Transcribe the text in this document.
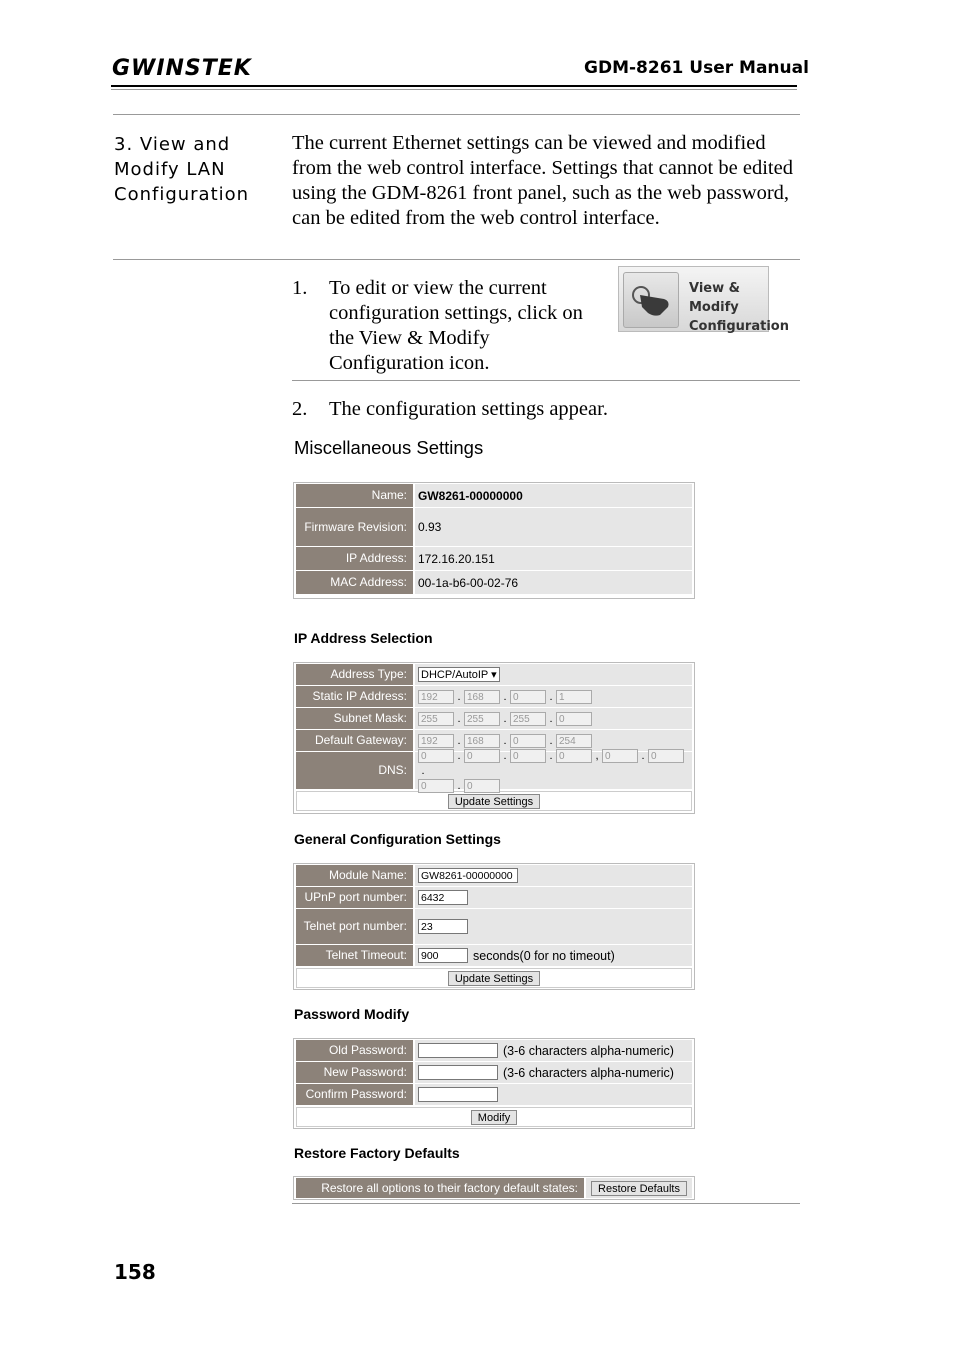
GWINSTEK	GDM-8261 User Manual
3. View and
Modify LAN
Configuration
The current Ethernet settings can be viewed and modified from the web control interface. Settings that cannot be edited using the GDM-8261 front panel, such as the web password, can be edited from the web control interface.
1. To edit or view the current configuration settings, click on the View & Modify Configuration icon.
View & Modify
Configuration
2. The configuration settings appear.
Miscellaneous Settings
Name: GW8261-00000000
Firmware Revision: 0.93
IP Address: 172.16.20.151
MAC Address: 00-1a-b6-00-02-76
IP Address Selection
Address Type:	DHCP/AutoIP ▾
Static IP Address:	192	. 168	. 0	. 1
Subnet Mask:	255	. 255	. 255	. 0
Default Gateway:	192	. 168	. 0	. 254
DNS:
0	. 0	. 0	. 0	, 0	. 0.
0	. 0
Update Settings
General Configuration Settings
Module Name:	GW8261-00000000
UPnP port number:	6432
Telnet port number:	23
Telnet Timeout:	900	seconds(0 for no timeout)
Update Settings
Password Modify
Old Password:	(3-6 characters alpha-numeric)
New Password:	(3-6 characters alpha-numeric)
Confirm Password:
Modify
Restore Factory Defaults
Restore all options to their factory default states:	Restore Defaults
158
